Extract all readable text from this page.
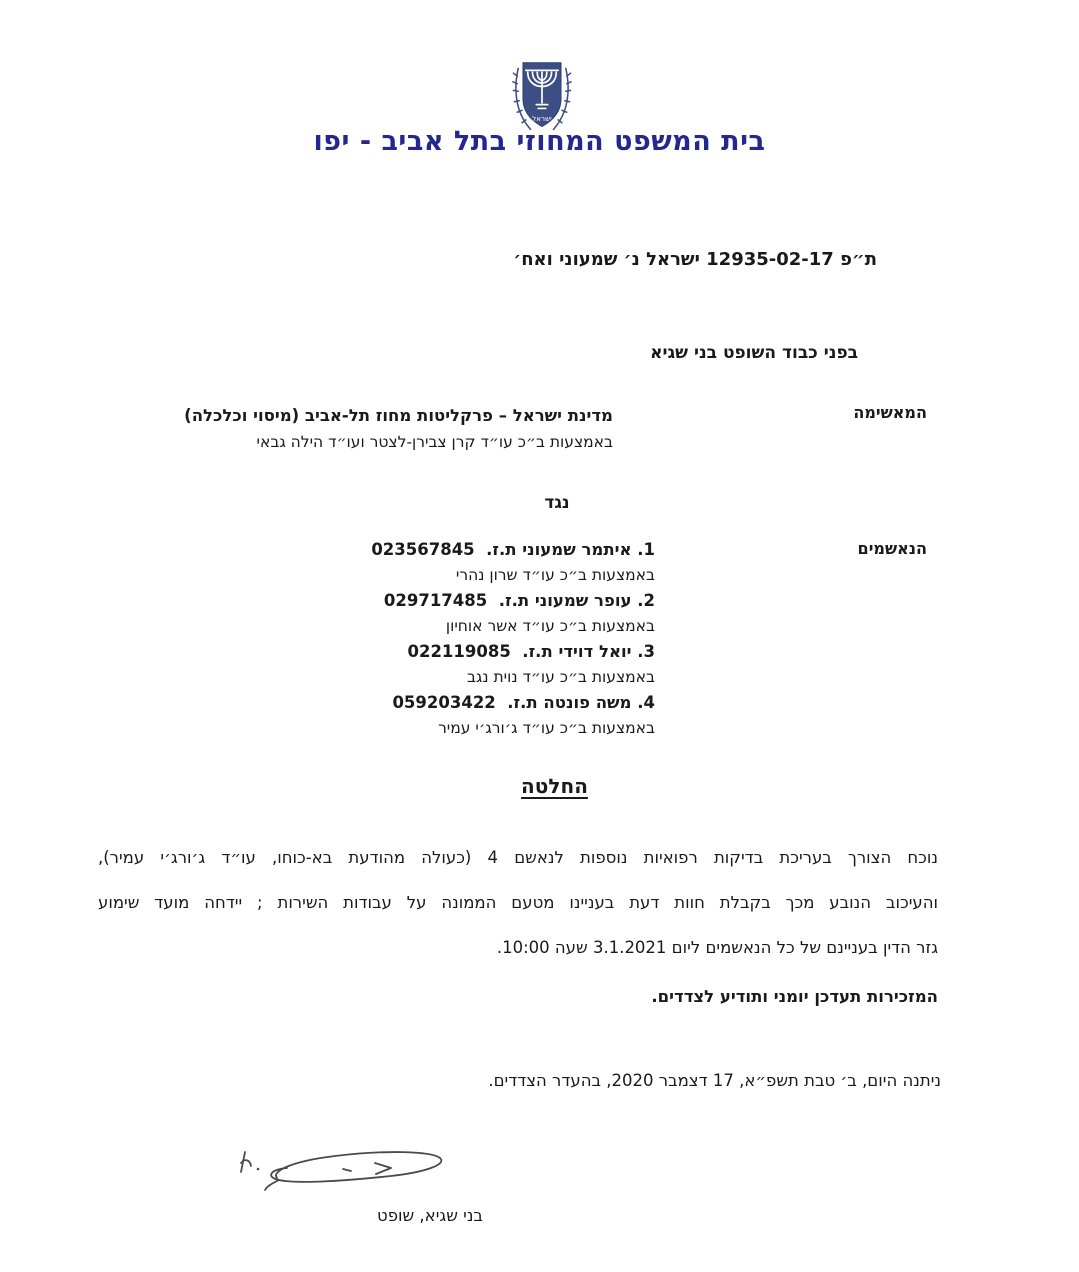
ישראל
בית המשפט המחוזי בתל אביב - יפו
ת״פ 12935-02-17 ישראל נ׳ שמעוני ואח׳
בפני כבוד השופט בני שגיא
המאשימה
מדינת ישראל – פרקליטות מחוז תל-אביב (מיסוי וכלכלה)
באמצעות ב״כ עו״ד קרן צבירן-לצטר ועו״ד הילה גבאי
נגד
הנאשמים
1. איתמר שמעוני ת.ז.  023567845
באמצעות ב״כ עו״ד שרון נהרי
2. עופר שמעוני ת.ז.  029717485
באמצעות ב״כ עו״ד אשר אוחיון
3. יואל דוידי ת.ז.  022119085
באמצעות ב״כ עו״ד נוית נגב
4. משה פונטה ת.ז.  059203422
באמצעות ב״כ עו״ד ג׳ורג׳י עמיר
החלטה
נוכח הצורך בעריכת בדיקות רפואיות נוספות לנאשם 4 (כעולה מהודעת בא-כוחו, עו״ד ג׳ורג׳י עמיר),
והעיכוב הנובע מכך בקבלת חוות דעת בעניינו מטעם הממונה על עבודות השירות ; יידחה מועד שימוע
גזר הדין בעניינם של כל הנאשמים ליום 3.1.2021 שעה 10:00.
המזכירות תעדכן יומני ותודיע לצדדים.
ניתנה היום, ב׳ טבת תשפ״א, 17 דצמבר 2020, בהעדר הצדדים.
בני שגיא, שופט
